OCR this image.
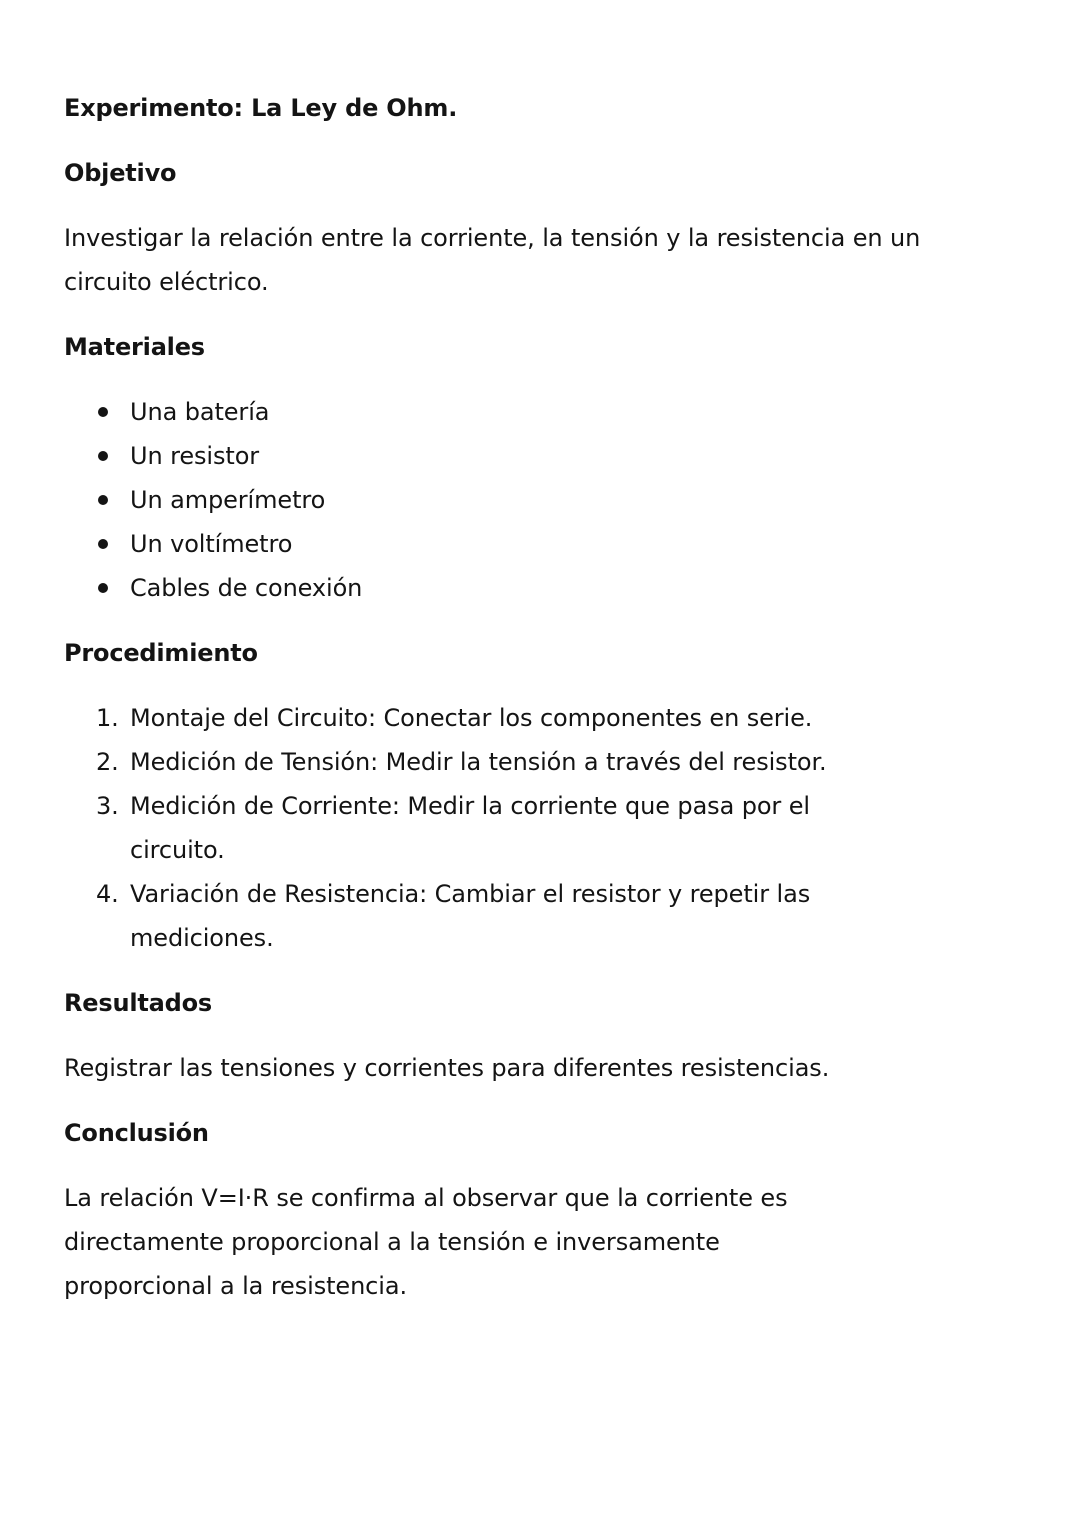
Experimento: La Ley de Ohm.
Objetivo
Investigar la relación entre la corriente, la tensión y la resistencia en un circuito eléctrico.
Materiales
Una batería
Un resistor
Un amperímetro
Un voltímetro
Cables de conexión
Procedimiento
1. Montaje del Circuito: Conectar los componentes en serie.
2. Medición de Tensión: Medir la tensión a través del resistor.
3. Medición de Corriente: Medir la corriente que pasa por el circuito.
4. Variación de Resistencia: Cambiar el resistor y repetir las mediciones.
Resultados
Registrar las tensiones y corrientes para diferentes resistencias.
Conclusión
La relación V=I·R se confirma al observar que la corriente es
directamente proporcional a la tensión e inversamente
proporcional a la resistencia.
